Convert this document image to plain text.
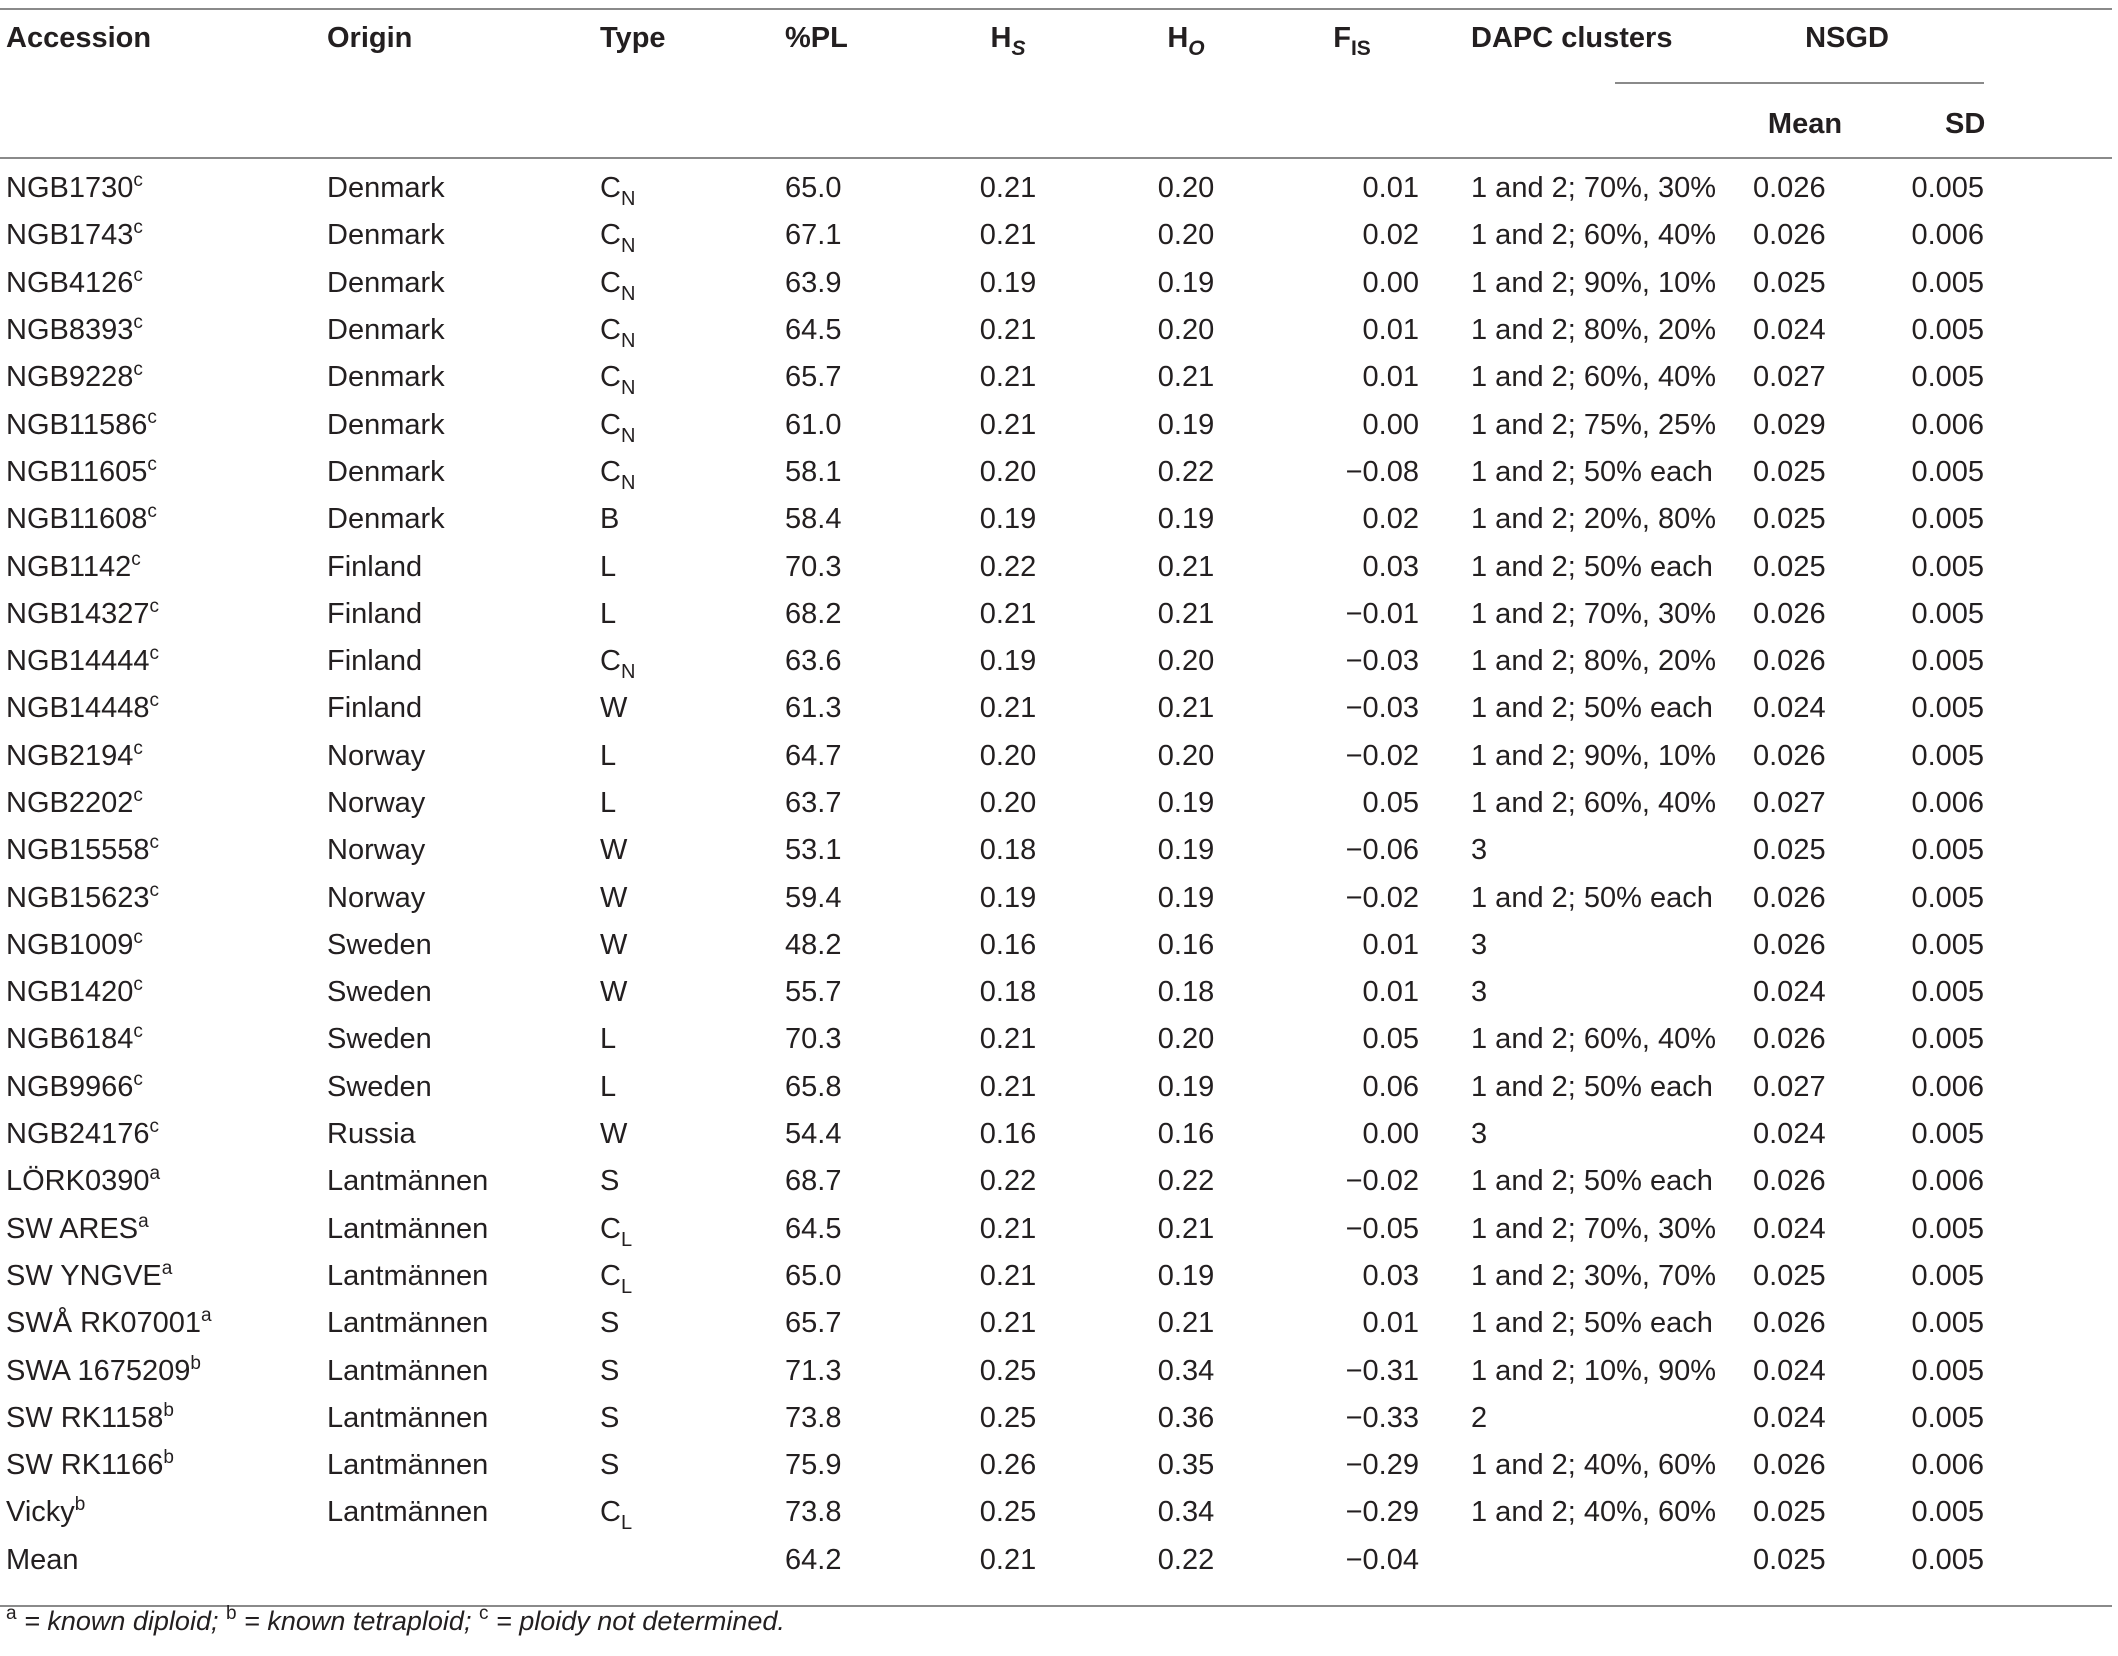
Accession	Origin	Type	%PL	$H_S$	$H_O$	$F_{IS}$	DAPC clusters	NSGD		
								Mean	SD	
NGB1730$^c$	Denmark	$C_N$	65.0	0.21	0.20	0.01	1 and 2; 70%, 30%	0.026	0.005	
NGB1743$^c$	Denmark	$C_N$	67.1	0.21	0.20	0.02	1 and 2; 60%, 40%	0.026	0.006	
NGB4126$^c$	Denmark	$C_N$	63.9	0.19	0.19	0.00	1 and 2; 90%, 10%	0.025	0.005	
NGB8393$^c$	Denmark	$C_N$	64.5	0.21	0.20	0.01	1 and 2; 80%, 20%	0.024	0.005	
NGB9228$^c$	Denmark	$C_N$	65.7	0.21	0.21	0.01	1 and 2; 60%, 40%	0.027	0.005	
NGB11586$^c$	Denmark	$C_N$	61.0	0.21	0.19	0.00	1 and 2; 75%, 25%	0.029	0.006	
NGB11605$^c$	Denmark	$C_N$	58.1	0.20	0.22	−0.08	1 and 2; 50% each	0.025	0.005	
NGB11608$^c$	Denmark	B	58.4	0.19	0.19	0.02	1 and 2; 20%, 80%	0.025	0.005	
NGB1142$^c$	Finland	L	70.3	0.22	0.21	0.03	1 and 2; 50% each	0.025	0.005	
NGB14327$^c$	Finland	L	68.2	0.21	0.21	−0.01	1 and 2; 70%, 30%	0.026	0.005	
NGB14444$^c$	Finland	$C_N$	63.6	0.19	0.20	−0.03	1 and 2; 80%, 20%	0.026	0.005	
NGB14448$^c$	Finland	W	61.3	0.21	0.21	−0.03	1 and 2; 50% each	0.024	0.005	
NGB2194$^c$	Norway	L	64.7	0.20	0.20	−0.02	1 and 2; 90%, 10%	0.026	0.005	
NGB2202$^c$	Norway	L	63.7	0.20	0.19	0.05	1 and 2; 60%, 40%	0.027	0.006	
NGB15558$^c$	Norway	W	53.1	0.18	0.19	−0.06	3	0.025	0.005	
NGB15623$^c$	Norway	W	59.4	0.19	0.19	−0.02	1 and 2; 50% each	0.026	0.005	
NGB1009$^c$	Sweden	W	48.2	0.16	0.16	0.01	3	0.026	0.005	
NGB1420$^c$	Sweden	W	55.7	0.18	0.18	0.01	3	0.024	0.005	
NGB6184$^c$	Sweden	L	70.3	0.21	0.20	0.05	1 and 2; 60%, 40%	0.026	0.005	
NGB9966$^c$	Sweden	L	65.8	0.21	0.19	0.06	1 and 2; 50% each	0.027	0.006	
NGB24176$^c$	Russia	W	54.4	0.16	0.16	0.00	3	0.024	0.005	
LÖRK0390$^a$	Lantmännen	S	68.7	0.22	0.22	−0.02	1 and 2; 50% each	0.026	0.006	
SW ARES$^a$	Lantmännen	$C_L$	64.5	0.21	0.21	−0.05	1 and 2; 70%, 30%	0.024	0.005	
SW YNGVE$^a$	Lantmännen	$C_L$	65.0	0.21	0.19	0.03	1 and 2; 30%, 70%	0.025	0.005	
SWÅ RK07001$^a$	Lantmännen	S	65.7	0.21	0.21	0.01	1 and 2; 50% each	0.026	0.005	
SWA 1675209$^b$	Lantmännen	S	71.3	0.25	0.34	−0.31	1 and 2; 10%, 90%	0.024	0.005	
SW RK1158$^b$	Lantmännen	S	73.8	0.25	0.36	−0.33	2	0.024	0.005	
SW RK1166$^b$	Lantmännen	S	75.9	0.26	0.35	−0.29	1 and 2; 40%, 60%	0.026	0.006	
Vicky$^b$	Lantmännen	$C_L$	73.8	0.25	0.34	−0.29	1 and 2; 40%, 60%	0.025	0.005	
Mean			64.2	0.21	0.22	−0.04		0.025	0.005	
$^a$ = known diploid; $^b$ = known tetraploid; $^c$ = ploidy not determined.
